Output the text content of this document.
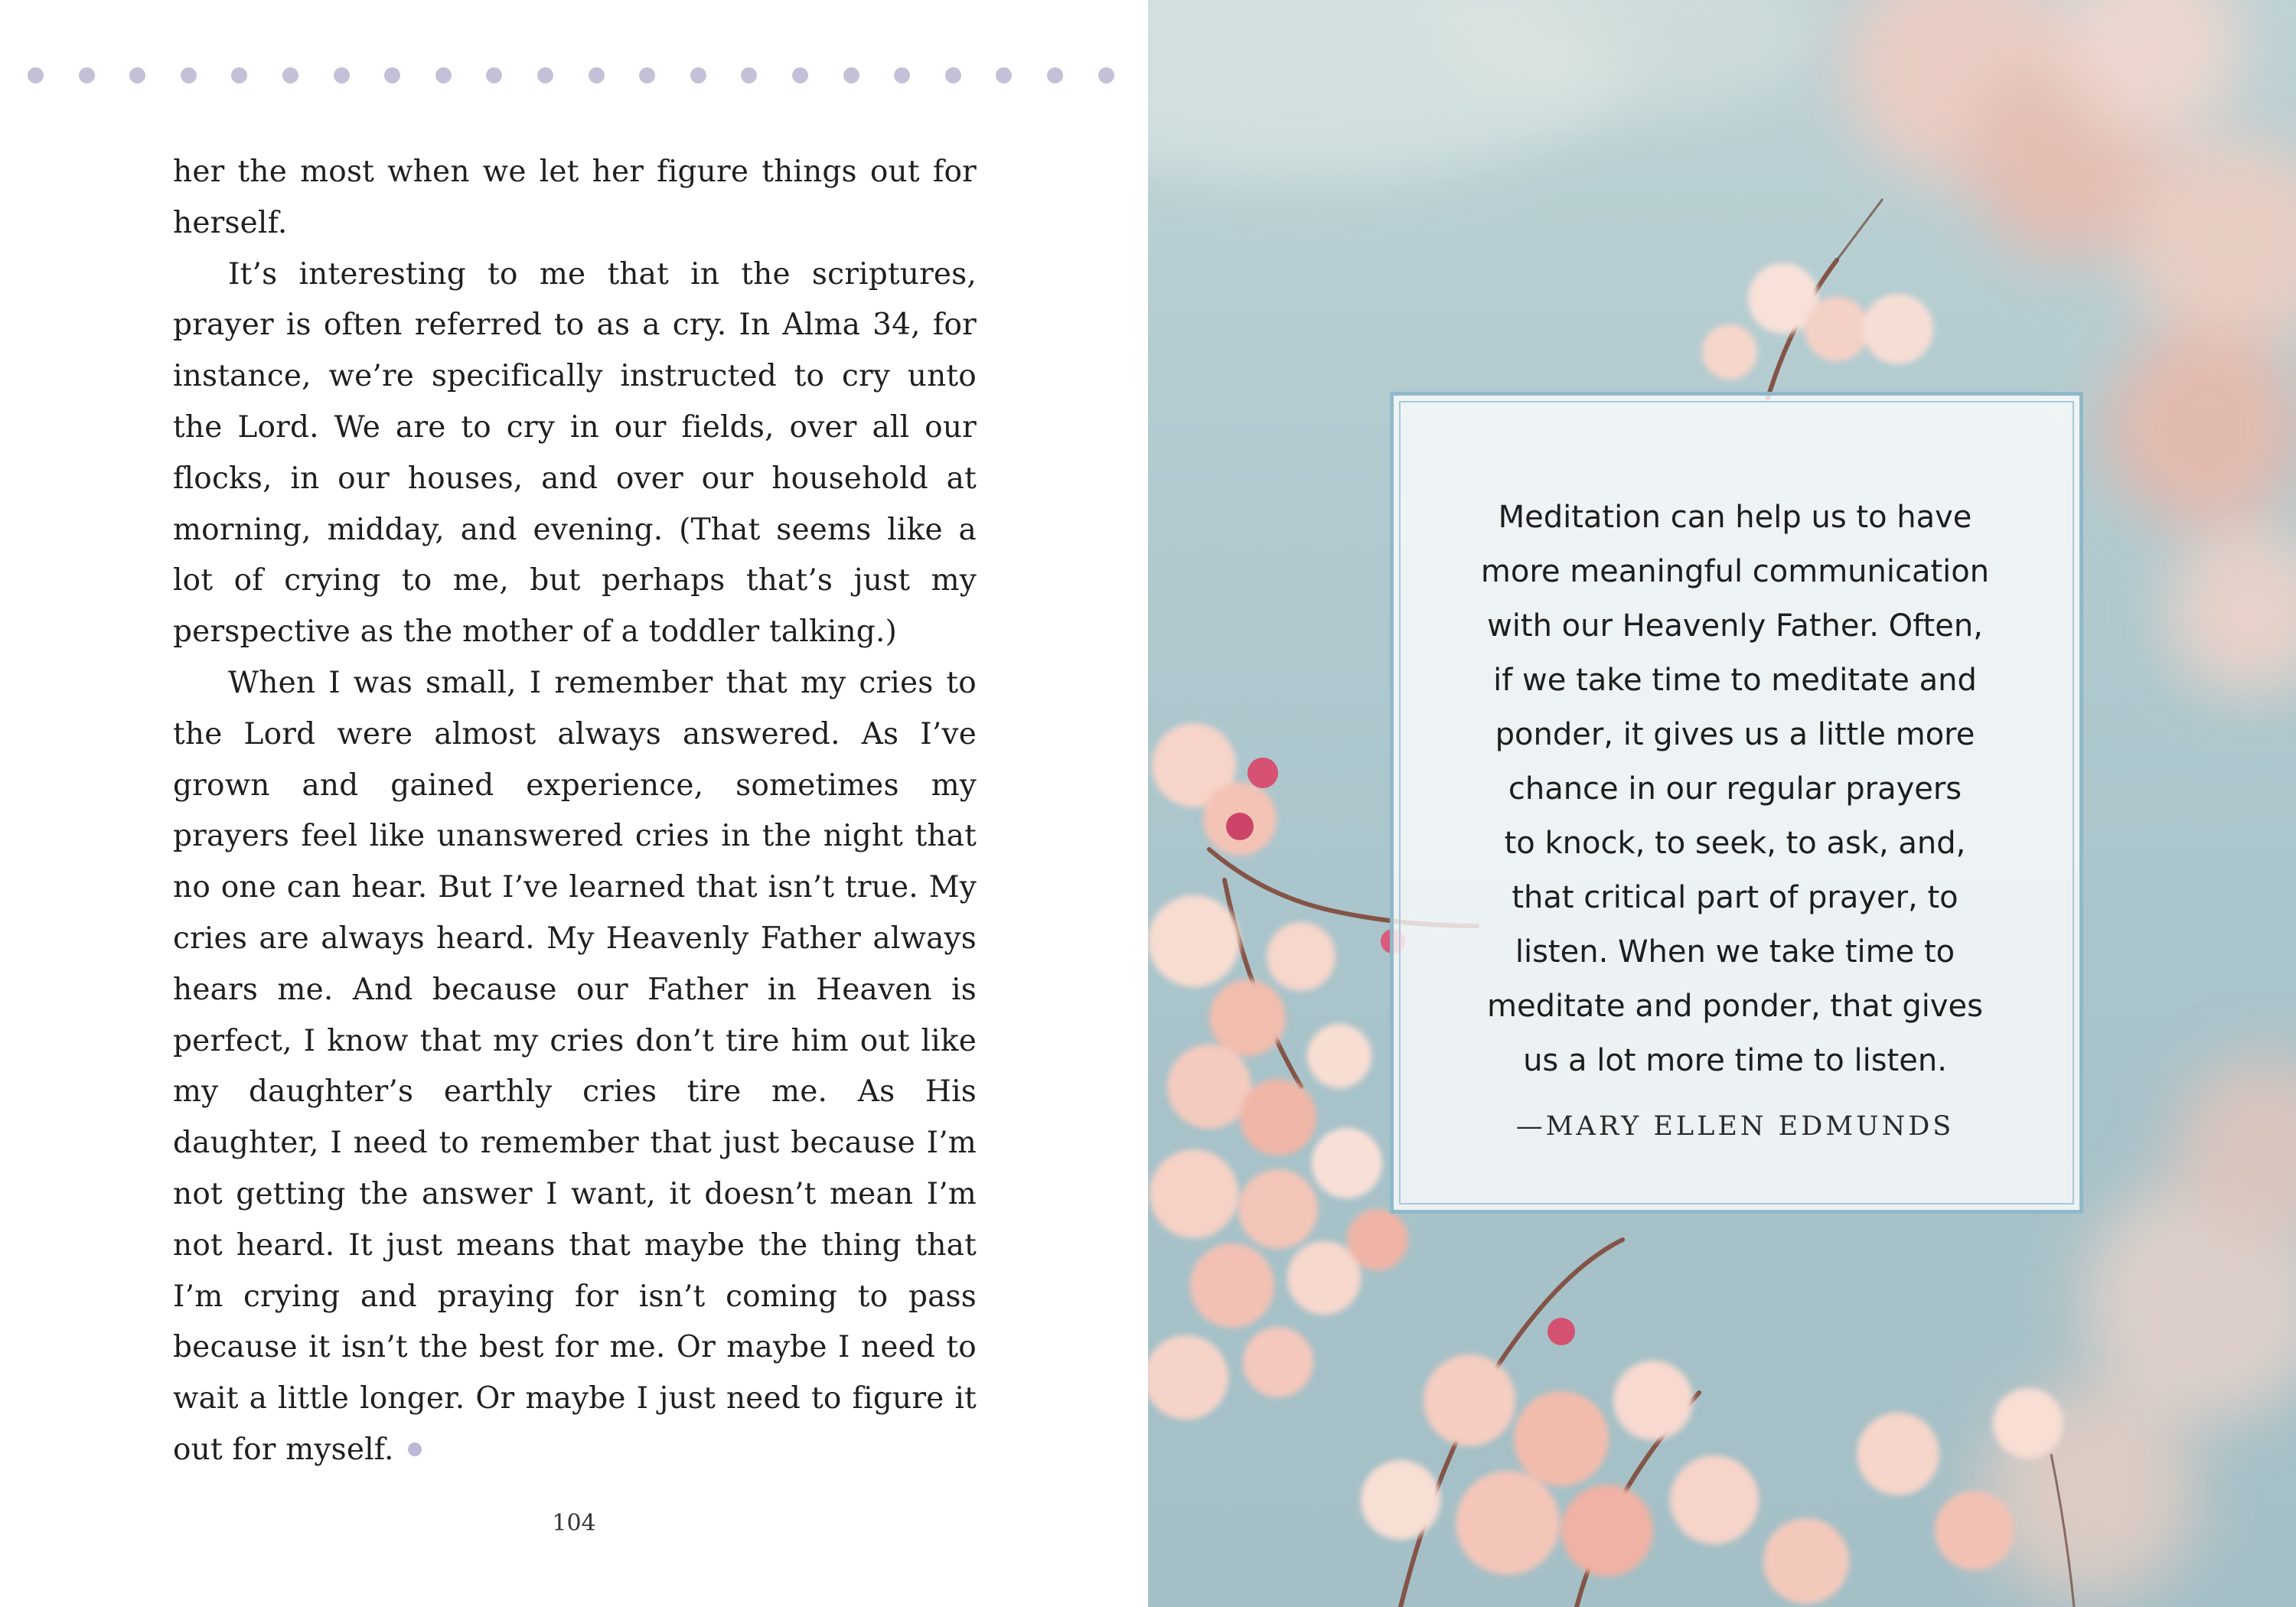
her the most when we let her figure things out for herself.

It’s interesting to me that in the scriptures, prayer is often referred to as a cry. In Alma 34, for instance, we’re specifically instructed to cry unto the Lord. We are to cry in our fields, over all our flocks, in our houses, and over our household at morning, midday, and evening. (That seems like a lot of crying to me, but perhaps that’s just my perspective as the mother of a toddler talking.)

When I was small, I remember that my cries to the Lord were almost always answered. As I’ve grown and gained experience, sometimes my prayers feel like unanswered cries in the night that no one can hear. But I’ve learned that isn’t true. My cries are always heard. My Heavenly Father always hears me. And because our Father in Heaven is perfect, I know that my cries don’t tire him out like my daughter’s earthly cries tire me. As His daughter, I need to remember that just because I’m not getting the answer I want, it doesn’t mean I’m not heard. It just means that maybe the thing that I’m crying and praying for isn’t coming to pass because it isn’t the best for me. Or maybe I need to wait a little longer. Or maybe I just need to figure it out for myself.

104
Meditation can help us to have
more meaningful communication
with our Heavenly Father. Often,
if we take time to meditate and
ponder, it gives us a little more
chance in our regular prayers
to knock, to seek, to ask, and,
that critical part of prayer, to
listen. When we take time to
meditate and ponder, that gives
us a lot more time to listen.
—MARY ELLEN EDMUNDS
